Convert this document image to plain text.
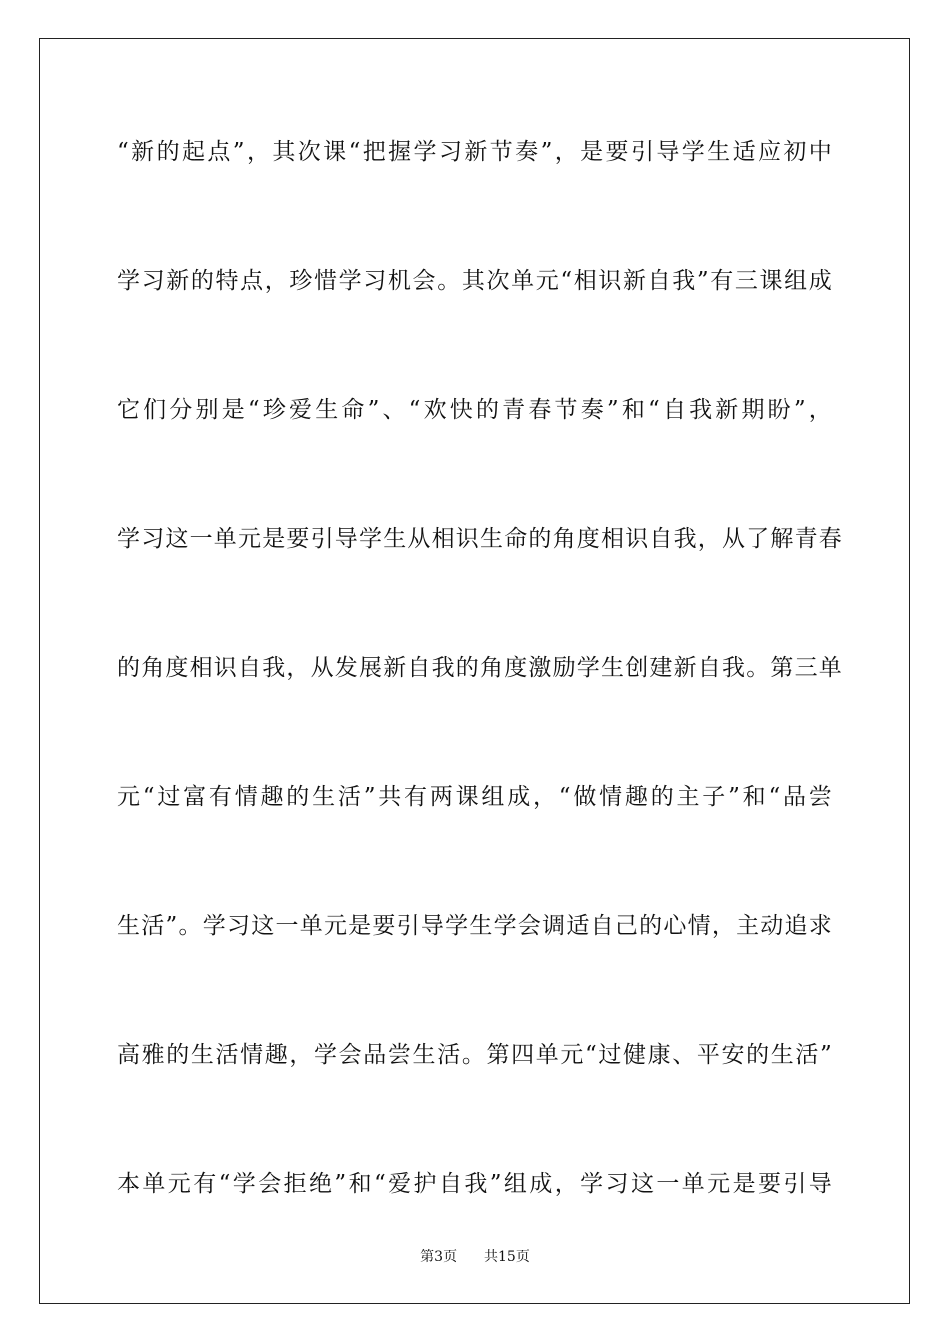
“新的起点”，其次课“把握学习新节奏”，是要引导学生适应初中
学习新的特点，珍惜学习机会。其次单元“相识新自我”有三课组成
它们分别是“珍爱生命”、“欢快的青春节奏”和“自我新期盼”，
学习这一单元是要引导学生从相识生命的角度相识自我，从了解青春
的角度相识自我，从发展新自我的角度激励学生创建新自我。第三单
元“过富有情趣的生活”共有两课组成，“做情趣的主子”和“品尝
生活”。学习这一单元是要引导学生学会调适自己的心情，主动追求
高雅的生活情趣，学会品尝生活。第四单元“过健康、平安的生活”
本单元有“学会拒绝”和“爱护自我”组成，学习这一单元是要引导
第3页 共15页
